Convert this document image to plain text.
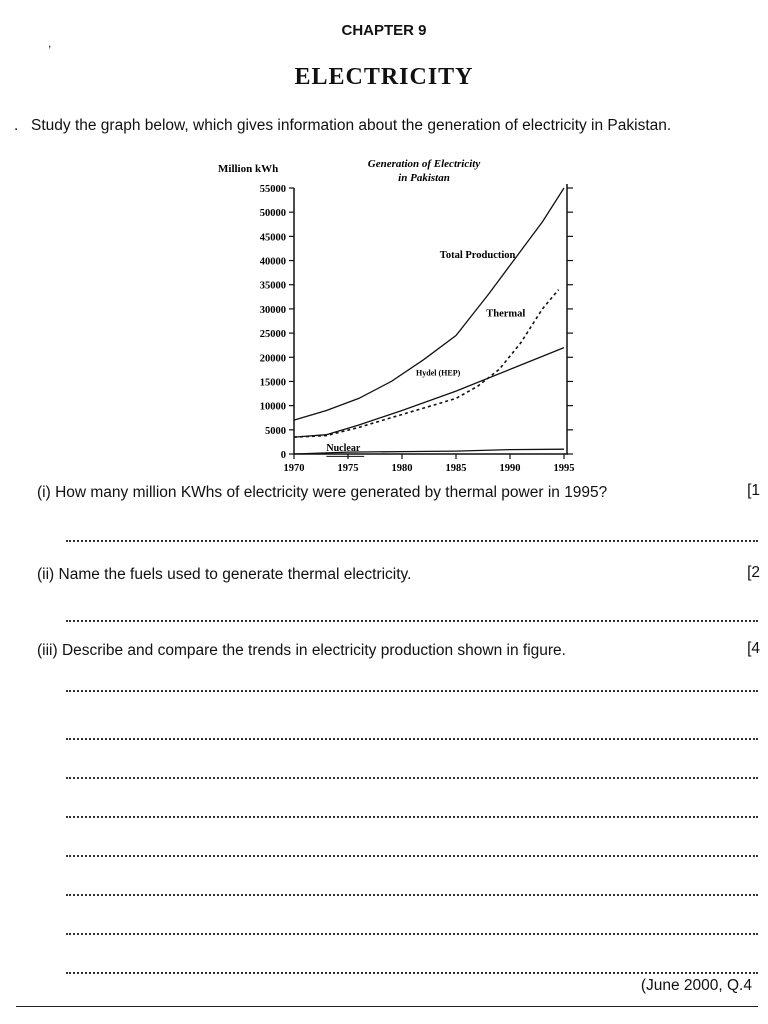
CHAPTER 9
ELECTRICITY
,
. Study the graph below, which gives information about the generation of electricity in Pakistan.
Million kWh	Generation of Electricity
in Pakistan
0
5000
10000
15000
20000
25000
30000
35000
40000
45000
50000
55000
1970	1975	1980	1985	1990	1995
Total Production
Thermal
Hydel (HEP)
Nuclear
(i) How many million KWhs of electricity were generated by thermal power in 1995?	[1
(ii) Name the fuels used to generate thermal electricity.	[2
(iii) Describe and compare the trends in electricity production shown in figure.	[4
(June 2000, Q.4
